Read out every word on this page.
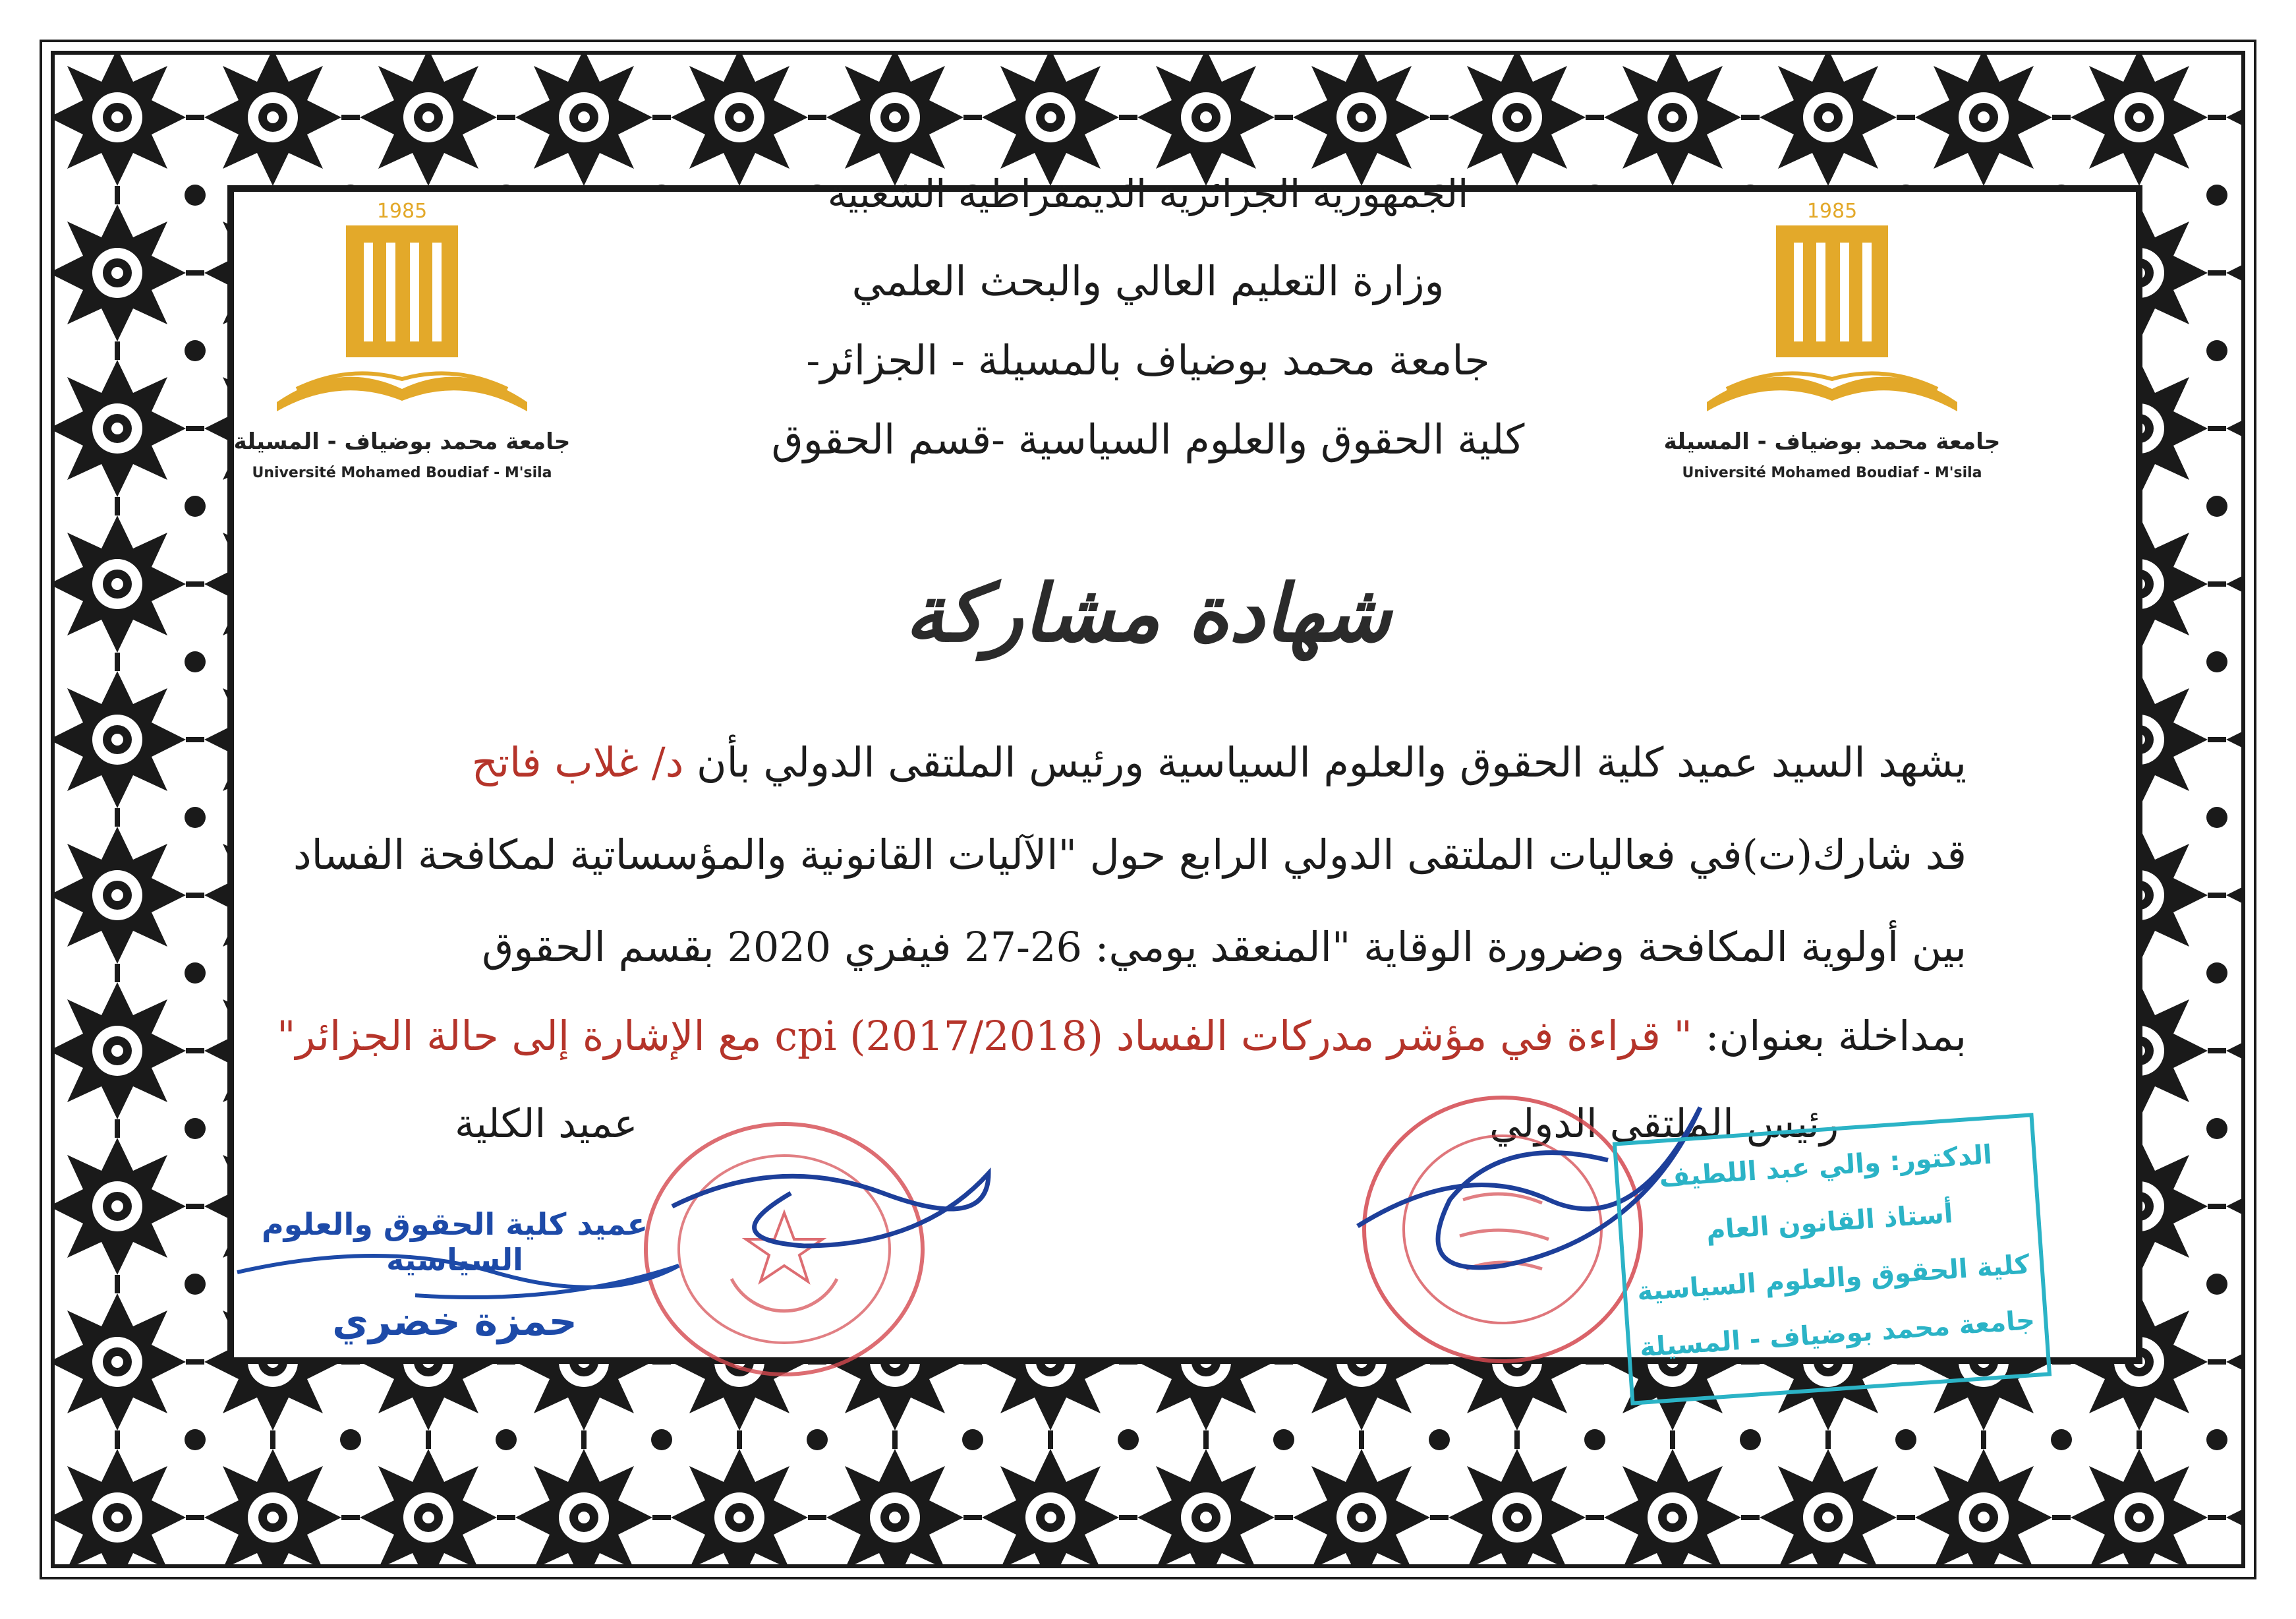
1985
جامعة محمد بوضياف - المسيلة
Université Mohamed Boudiaf - M'sila
1985
جامعة محمد بوضياف - المسيلة
Université Mohamed Boudiaf - M'sila
الجمهورية الجزائرية الديمقراطية الشعبية
وزارة التعليم العالي والبحث العلمي
جامعة محمد بوضياف بالمسيلة - الجزائر-
كلية الحقوق والعلوم السياسية -قسم الحقوق
شهادة مشاركة
يشهد السيد عميد كلية الحقوق والعلوم السياسية ورئيس الملتقى الدولي بأن د/ غلاب فاتح
قد شارك(ت)في فعاليات الملتقى الدولي الرابع حول "الآليات القانونية والمؤسساتية لمكافحة الفساد
بين أولوية المكافحة وضرورة الوقاية "المنعقد يومي: 26-27 فيفري 2020 بقسم الحقوق
بمداخلة بعنوان: " قراءة في مؤشر مدركات الفساد cpi (2017/2018) مع الإشارة إلى حالة الجزائر"
عميد الكلية	رئيس الملتقى الدولي
عميد كلية الحقوق والعلوم السياسية
حمزة خضري
الدكتور: والي عبد اللطيف
أستاذ القانون العام
كلية الحقوق والعلوم السياسية
جامعة محمد بوضياف - المسيلة
